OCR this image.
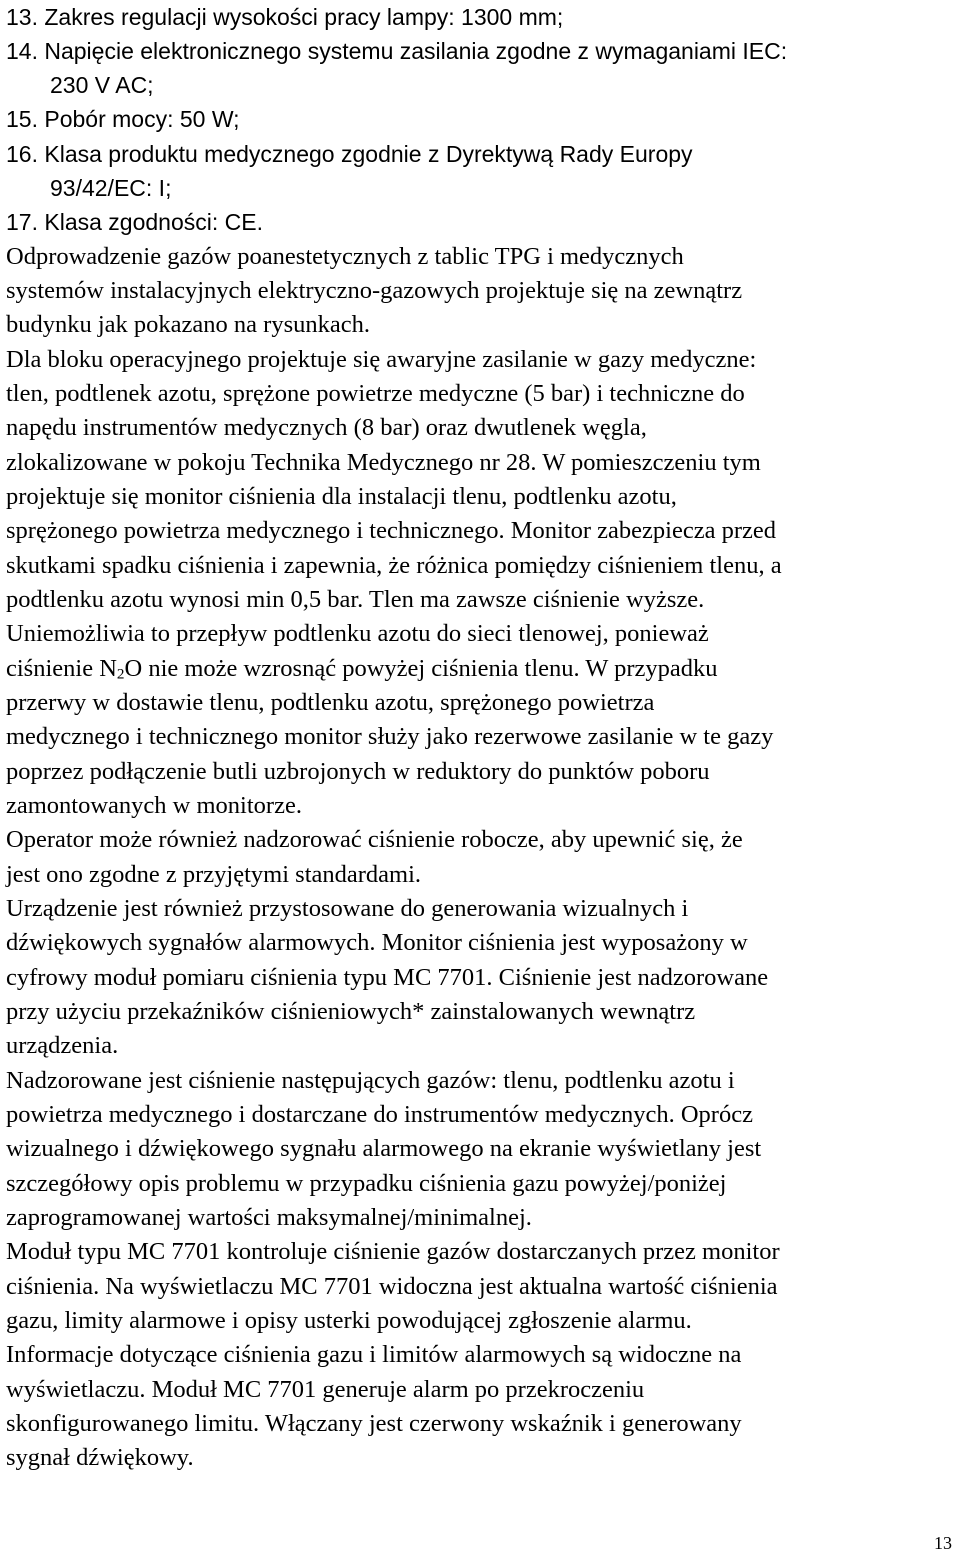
13. Zakres regulacji wysokości pracy lampy: 1300 mm;

14. Napięcie elektronicznego systemu zasilania zgodne z wymaganiami IEC:

230 V AC;

15. Pobór mocy: 50 W;

16. Klasa produktu medycznego zgodnie z Dyrektywą Rady Europy

93/42/EC: I;

17. Klasa zgodności: CE.

Odprowadzenie gazów poanestetycznych z tablic TPG i medycznych

systemów instalacyjnych elektryczno-gazowych projektuje się na zewnątrz

budynku jak pokazano na rysunkach.

Dla bloku operacyjnego projektuje się awaryjne zasilanie w gazy medyczne:

tlen, podtlenek azotu, sprężone powietrze medyczne (5 bar) i techniczne do

napędu instrumentów medycznych (8 bar) oraz dwutlenek węgla,

zlokalizowane w pokoju Technika Medycznego nr 28. W pomieszczeniu tym

projektuje się monitor ciśnienia dla instalacji tlenu, podtlenku azotu,

sprężonego powietrza medycznego i technicznego. Monitor zabezpiecza przed

skutkami spadku ciśnienia i zapewnia, że różnica pomiędzy ciśnieniem tlenu, a

podtlenku azotu wynosi min 0,5 bar. Tlen ma zawsze ciśnienie wyższe.

Uniemożliwia to przepływ podtlenku azotu do sieci tlenowej, ponieważ

ciśnienie N2O nie może wzrosnąć powyżej ciśnienia tlenu. W przypadku

przerwy w dostawie tlenu, podtlenku azotu, sprężonego powietrza

medycznego i technicznego monitor służy jako rezerwowe zasilanie w te gazy

poprzez podłączenie butli uzbrojonych w reduktory do punktów poboru

zamontowanych w monitorze.

Operator może również nadzorować ciśnienie robocze, aby upewnić się, że

jest ono zgodne z przyjętymi standardami.

Urządzenie jest również przystosowane do generowania wizualnych i

dźwiękowych sygnałów alarmowych. Monitor ciśnienia jest wyposażony w

cyfrowy moduł pomiaru ciśnienia typu MC 7701. Ciśnienie jest nadzorowane

przy użyciu przekaźników ciśnieniowych* zainstalowanych wewnątrz

urządzenia.

Nadzorowane jest ciśnienie następujących gazów: tlenu, podtlenku azotu i

powietrza medycznego i dostarczane do instrumentów medycznych. Oprócz

wizualnego i dźwiękowego sygnału alarmowego na ekranie wyświetlany jest

szczegółowy opis problemu w przypadku ciśnienia gazu powyżej/poniżej

zaprogramowanej wartości maksymalnej/minimalnej.

Moduł typu MC 7701 kontroluje ciśnienie gazów dostarczanych przez monitor

ciśnienia. Na wyświetlaczu MC 7701 widoczna jest aktualna wartość ciśnienia

gazu, limity alarmowe i opisy usterki powodującej zgłoszenie alarmu.

Informacje dotyczące ciśnienia gazu i limitów alarmowych są widoczne na

wyświetlaczu. Moduł MC 7701 generuje alarm po przekroczeniu

skonfigurowanego limitu. Włączany jest czerwony wskaźnik i generowany

sygnał dźwiękowy.

13
